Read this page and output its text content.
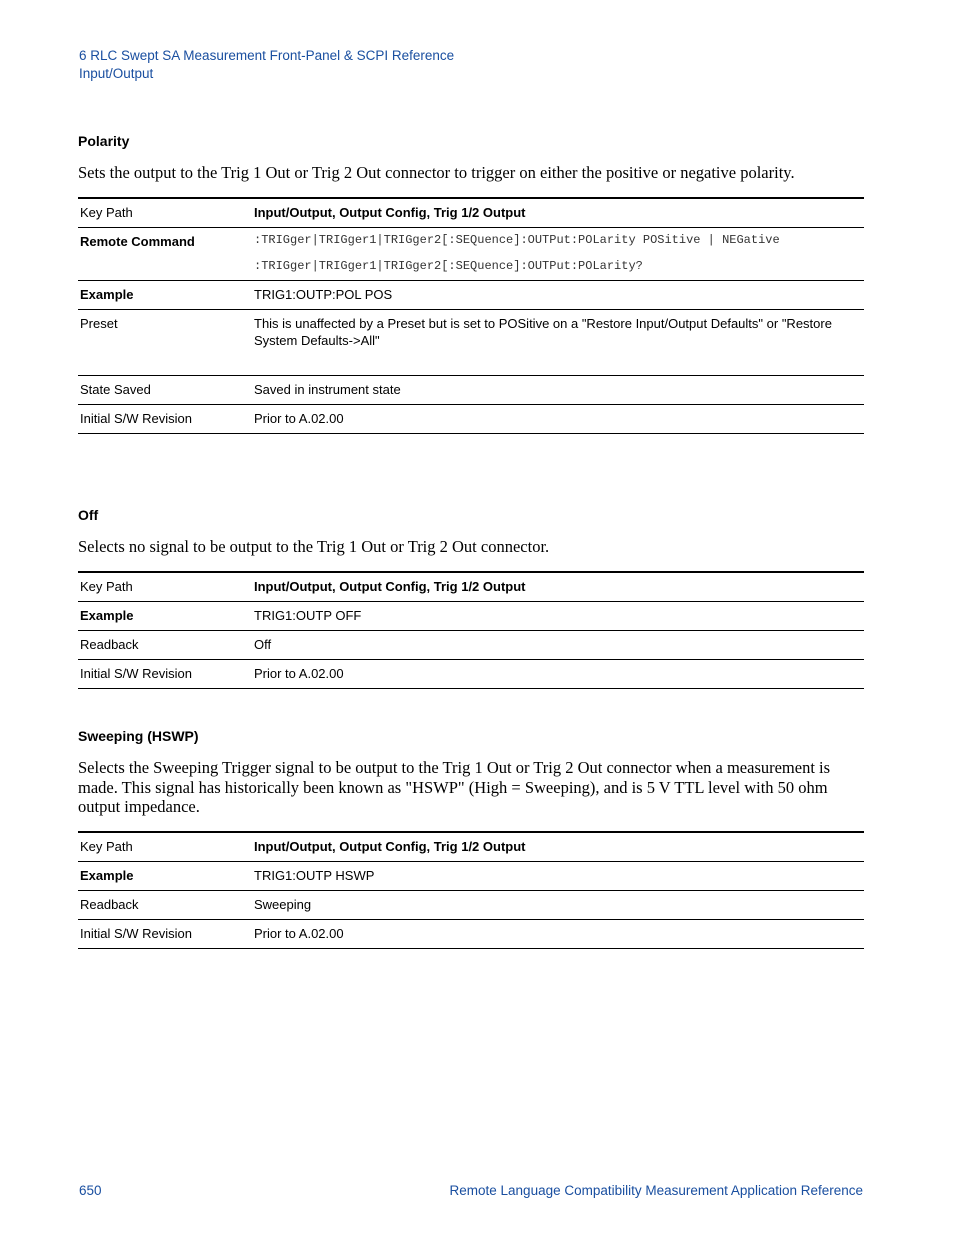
6 RLC Swept SA Measurement Front-Panel & SCPI Reference
Input/Output
Polarity

Sets the output to the Trig 1 Out or Trig 2 Out connector to trigger on either the positive or negative polarity.

Key Path	Input/Output, Output Config, Trig 1/2 Output
Remote Command	:TRIGger|TRIGger1|TRIGger2[:SEQuence]:OUTPut:POLarity POSitive | NEGative
:TRIGger|TRIGger1|TRIGger2[:SEQuence]:OUTPut:POLarity?

Example	TRIG1:OUTP:POL POS
Preset	This is unaffected by a Preset but is set to POSitive on a "Restore Input/Output Defaults" or "Restore System Defaults->All"
State Saved	Saved in instrument state
Initial S/W Revision	Prior to A.02.00
Off

Selects no signal to be output to the Trig 1 Out or Trig 2 Out connector.

Key Path	Input/Output, Output Config, Trig 1/2 Output
Example	TRIG1:OUTP OFF
Readback	Off
Initial S/W Revision	Prior to A.02.00
Sweeping (HSWP)

Selects the Sweeping Trigger signal to be output to the Trig 1 Out or Trig 2 Out connector when a measurement is made. This signal has historically been known as "HSWP" (High = Sweeping), and is 5 V TTL level with 50 ohm output impedance.

Key Path	Input/Output, Output Config, Trig 1/2 Output
Example	TRIG1:OUTP HSWP
Readback	Sweeping
Initial S/W Revision	Prior to A.02.00
650	Remote Language Compatibility Measurement Application Reference
